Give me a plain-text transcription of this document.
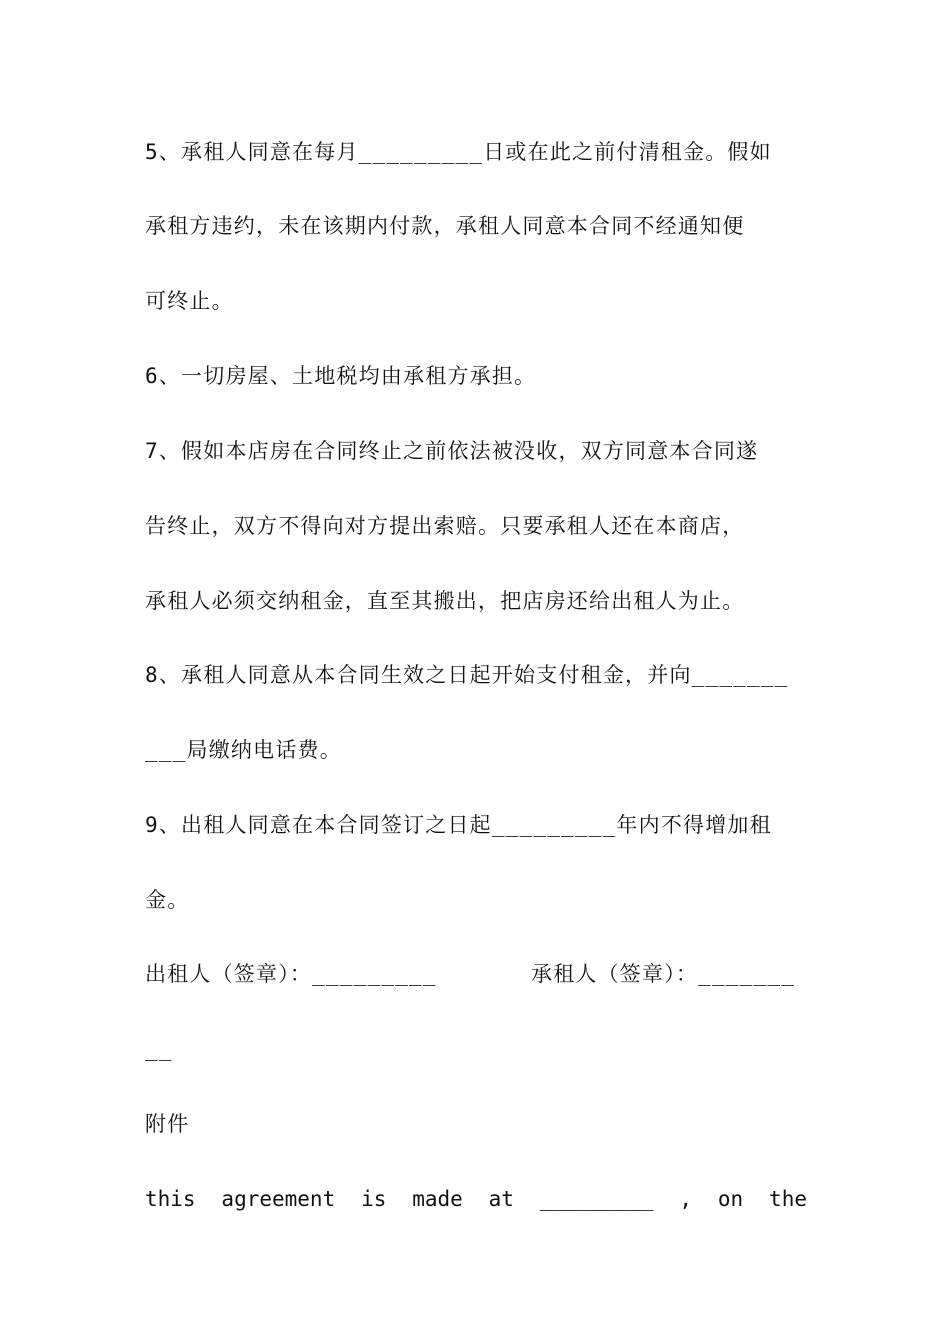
5、承租人同意在每月_________日或在此之前付清租金。假如
承租方违约，未在该期内付款，承租人同意本合同不经通知便
可终止。
6、一切房屋、土地税均由承租方承担。
7、假如本店房在合同终止之前依法被没收，双方同意本合同遂
告终止，双方不得向对方提出索赔。只要承租人还在本商店，
承租人必须交纳租金，直至其搬出，把店房还给出租人为止。
8、承租人同意从本合同生效之日起开始支付租金，并向_______
___局缴纳电话费。
9、出租人同意在本合同签订之日起_________年内不得增加租
金。
出租人（签章）：_________	承租人（签章）：_______
__
附件
this agreement is made at _________ , on the
